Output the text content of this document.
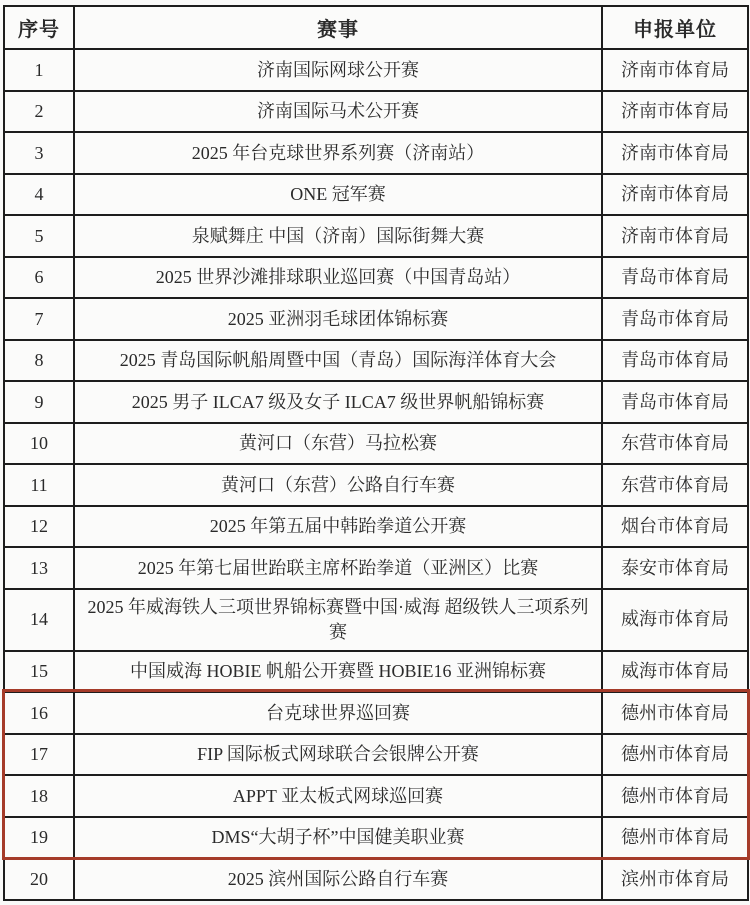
序号	赛事	申报单位
1	济南国际网球公开赛	济南市体育局
2	济南国际马术公开赛	济南市体育局
3	2025 年台克球世界系列赛（济南站）	济南市体育局
4	ONE 冠军赛	济南市体育局
5	泉赋舞庄 中国（济南）国际街舞大赛	济南市体育局
6	2025 世界沙滩排球职业巡回赛（中国青岛站）	青岛市体育局
7	2025 亚洲羽毛球团体锦标赛	青岛市体育局
8	2025 青岛国际帆船周暨中国（青岛）国际海洋体育大会	青岛市体育局
9	2025 男子 ILCA7 级及女子 ILCA7 级世界帆船锦标赛	青岛市体育局
10	黄河口（东营）马拉松赛	东营市体育局
11	黄河口（东营）公路自行车赛	东营市体育局
12	2025 年第五届中韩跆拳道公开赛	烟台市体育局
13	2025 年第七届世跆联主席杯跆拳道（亚洲区）比赛	泰安市体育局
14	2025 年威海铁人三项世界锦标赛暨中国·威海 超级铁人三项系列赛	威海市体育局
15	中国威海 HOBIE 帆船公开赛暨 HOBIE16 亚洲锦标赛	威海市体育局
16	台克球世界巡回赛	德州市体育局
17	FIP 国际板式网球联合会银牌公开赛	德州市体育局
18	APPT 亚太板式网球巡回赛	德州市体育局
19	DMS“大胡子杯”中国健美职业赛	德州市体育局
20	2025 滨州国际公路自行车赛	滨州市体育局
